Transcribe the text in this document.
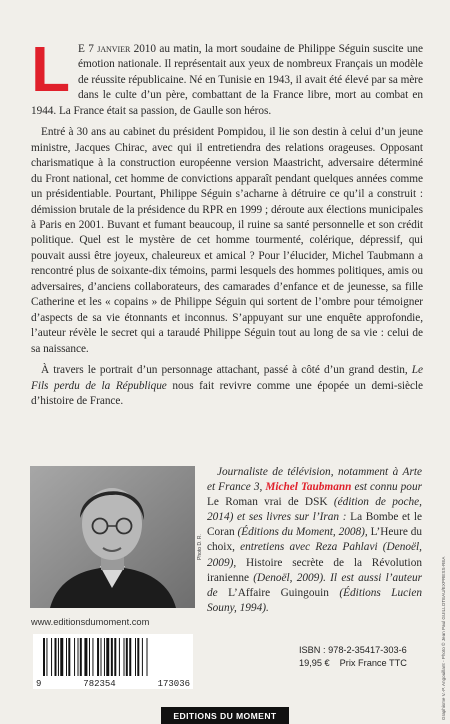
L E 7 janvier 2010 au matin, la mort soudaine de Philippe Séguin suscite une émotion nationale. Il représentait aux yeux de nombreux Français un modèle de réussite républicaine. Né en Tunisie en 1943, il avait été élevé par sa mère dans le culte d’un père, combattant de la France libre, mort au combat en 1944. La France était sa passion, de Gaulle son héros.

Entré à 30 ans au cabinet du président Pompidou, il lie son destin à celui d’un jeune ministre, Jacques Chirac, avec qui il entretiendra des relations orageuses. Opposant charismatique à la construction européenne version Maastricht, adversaire déterminé du Front national, cet homme de convictions apparaît pendant quelques années comme un présidentiable. Pourtant, Philippe Séguin s’acharne à détruire ce qu’il a construit : démission brutale de la présidence du RPR en 1999 ; déroute aux élections municipales à Paris en 2001. Buvant et fumant beaucoup, il ruine sa santé personnelle et son crédit politique. Quel est le mystère de cet homme tourmenté, colérique, dépressif, qui pouvait aussi être joyeux, chaleureux et amical ? Pour l’élucider, Michel Taubmann a rencontré plus de soixante-dix témoins, parmi lesquels des hommes politiques, amis ou adversaires, d’anciens collaborateurs, des camarades d’enfance et de jeunesse, sa fille Catherine et les « copains » de Philippe Séguin qui sortent de l’ombre pour témoigner d’aspects de sa vie étonnants et inconnus. S’appuyant sur une enquête approfondie, l’auteur révèle le secret qui a taraudé Philippe Séguin tout au long de sa vie : celui de sa naissance.

À travers le portrait d’un personnage attachant, passé à côté d’un grand destin, Le Fils perdu de la République nous fait revivre comme une épopée un demi-siècle d’histoire de France.

Photo D. R.

Journaliste de télévision, notamment à Arte et France 3, Michel Taubmann est connu pour Le Roman vrai de DSK (édition de poche, 2014) et ses livres sur l’Iran : La Bombe et le Coran (Éditions du Moment, 2008), L’Heure du choix, entretiens avec Reza Pahlavi (Denoël, 2009), Histoire secrète de la Révolution iranienne (Denoël, 2009). Il est aussi l’auteur de L’Affaire Guingouin (Éditions Lucien Souny, 1994).

www.editionsdumoment.com
9	782354	173036
ISBN : 978-2-35417-303-6
19,95 € Prix France TTC
EDITIONS DU MOMENT	Graphisme V.-P. Angouillant - Photo © Jean Paul GUILLOTEAU/EXPRESS-REA
